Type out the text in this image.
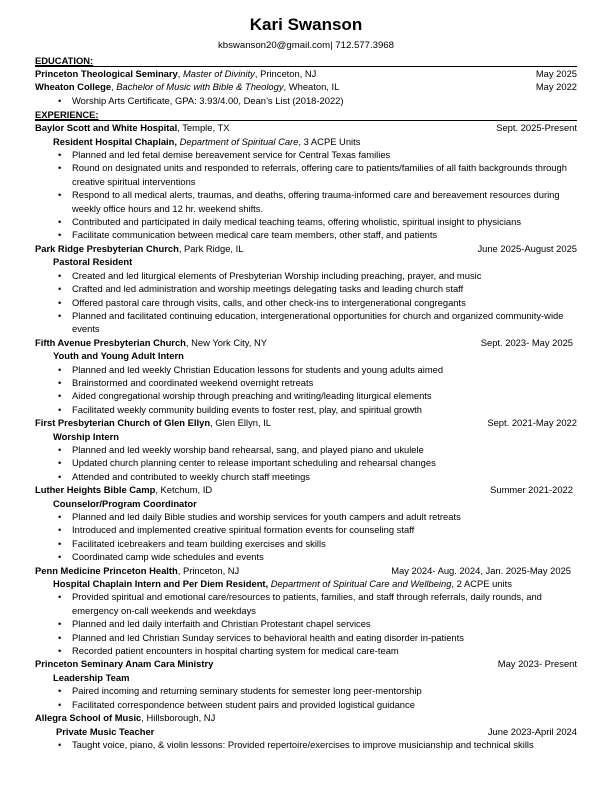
Kari Swanson
kbswanson20@gmail.com| 712.577.3968
EDUCATION:
Princeton Theological Seminary, Master of Divinity, Princeton, NJ	May 2025
Wheaton College, Bachelor of Music with Bible & Theology, Wheaton, IL	May 2022
• Worship Arts Certificate, GPA: 3.93/4.00, Dean’s List (2018-2022)
EXPERIENCE:
Baylor Scott and White Hospital, Temple, TX	Sept. 2025-Present
Resident Hospital Chaplain, Department of Spiritual Care, 3 ACPE Units
• Planned and led fetal demise bereavement service for Central Texas families
• Round on designated units and responded to referrals, offering care to patients/families of all faith backgrounds through creative spiritual interventions
• Respond to all medical alerts, traumas, and deaths, offering trauma-informed care and bereavement resources during weekly office hours and 12 hr. weekend shifts.
• Contributed and participated in daily medical teaching teams, offering wholistic, spiritual insight to physicians
• Facilitate communication between medical care team members, other staff, and patients
Park Ridge Presbyterian Church, Park Ridge, IL	June 2025-August 2025
Pastoral Resident
• Created and led liturgical elements of Presbyterian Worship including preaching, prayer, and music
• Crafted and led administration and worship meetings delegating tasks and leading church staff
• Offered pastoral care through visits, calls, and other check-ins to intergenerational congregants
• Planned and facilitated continuing education, intergenerational opportunities for church and organized community-wide events
Fifth Avenue Presbyterian Church, New York City, NY	Sept. 2023- May 2025
Youth and Young Adult Intern
• Planned and led weekly Christian Education lessons for students and young adults aimed
• Brainstormed and coordinated weekend overnight retreats
• Aided congregational worship through preaching and writing/leading liturgical elements
• Facilitated weekly community building events to foster rest, play, and spiritual growth
First Presbyterian Church of Glen Ellyn, Glen Ellyn, IL	Sept. 2021-May 2022
Worship Intern
• Planned and led weekly worship band rehearsal, sang, and played piano and ukulele
• Updated church planning center to release important scheduling and rehearsal changes
• Attended and contributed to weekly church staff meetings
Luther Heights Bible Camp, Ketchum, ID	Summer 2021-2022
Counselor/Program Coordinator
• Planned and led daily Bible studies and worship services for youth campers and adult retreats
• Introduced and implemented creative spiritual formation events for counseling staff
• Facilitated icebreakers and team building exercises and skills
• Coordinated camp wide schedules and events
Penn Medicine Princeton Health, Princeton, NJ	May 2024- Aug. 2024, Jan. 2025-May 2025
Hospital Chaplain Intern and Per Diem Resident, Department of Spiritual Care and Wellbeing, 2 ACPE units
• Provided spiritual and emotional care/resources to patients, families, and staff through referrals, daily rounds, and emergency on-call weekends and weekdays
• Planned and led daily interfaith and Christian Protestant chapel services
• Planned and led Christian Sunday services to behavioral health and eating disorder in-patients
• Recorded patient encounters in hospital charting system for medical care-team
Princeton Seminary Anam Cara Ministry	May 2023- Present
Leadership Team
• Paired incoming and returning seminary students for semester long peer-mentorship
• Facilitated correspondence between student pairs and provided logistical guidance
Allegra School of Music, Hillsborough, NJ
Private Music Teacher	June 2023-April 2024
• Taught voice, piano, & violin lessons: Provided repertoire/exercises to improve musicianship and technical skills
